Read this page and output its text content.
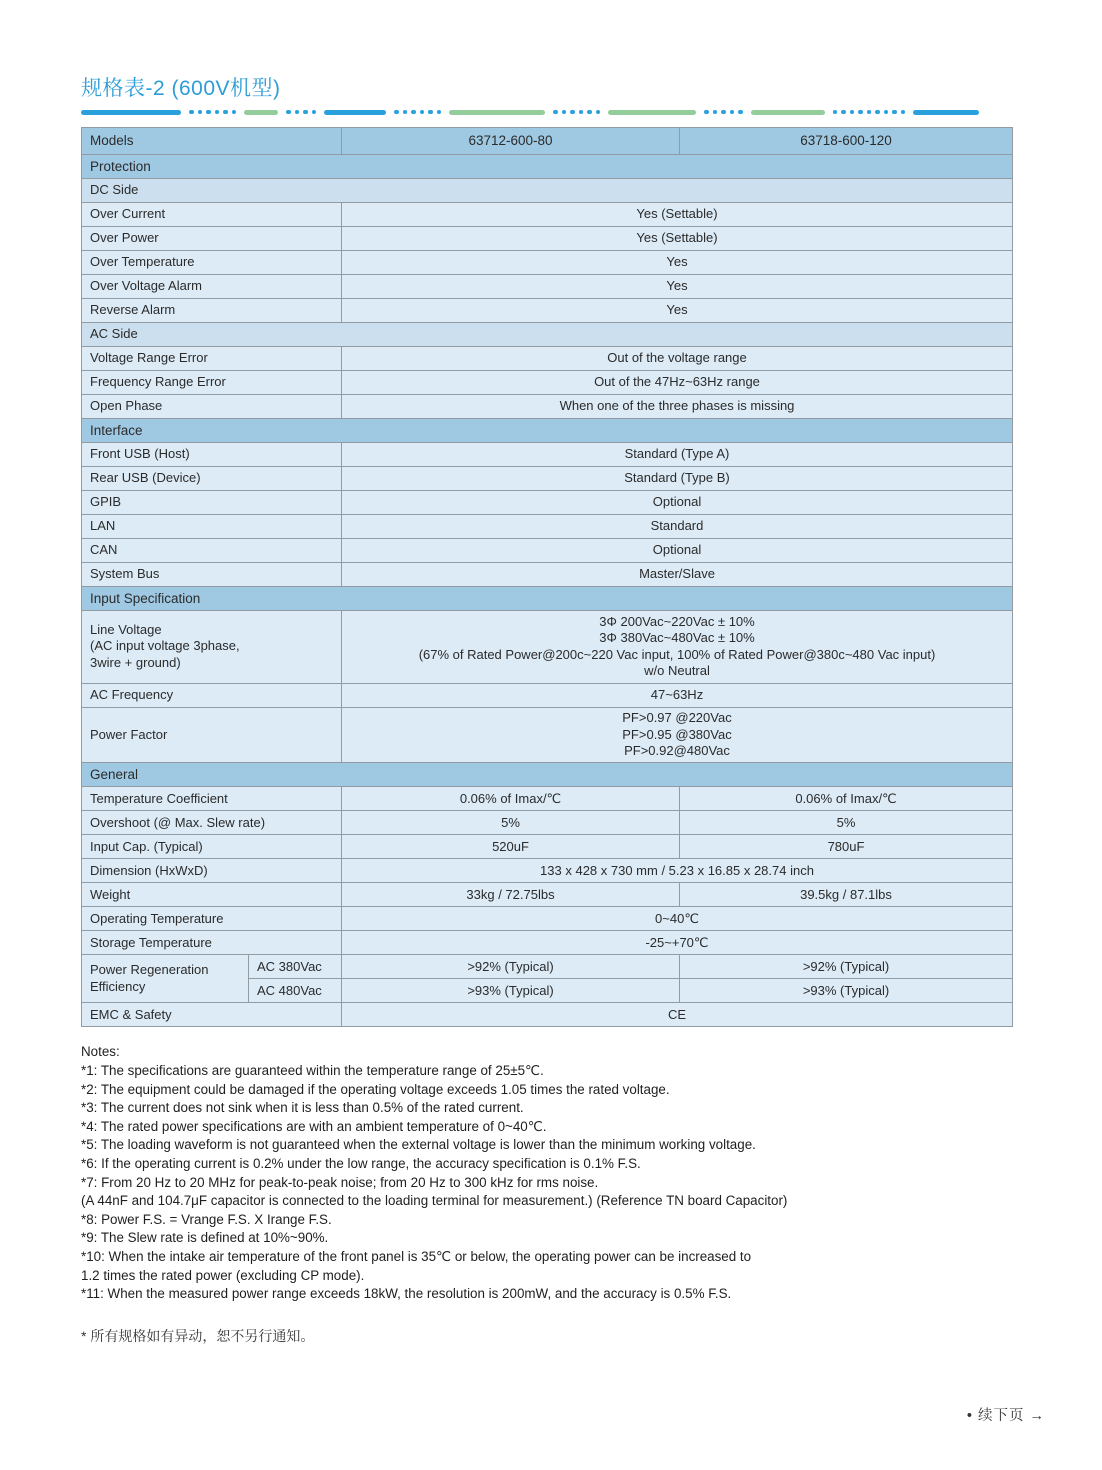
规格表-2 (600V机型)
Models		63712-600-80	63718-600-120
Protection			
DC Side			
Over Current		Yes (Settable)	
Over Power		Yes (Settable)	
Over Temperature		Yes	
Over Voltage Alarm		Yes	
Reverse Alarm		Yes	
AC Side			
Voltage Range Error		Out of the voltage range	
Frequency Range Error		Out of the 47Hz~63Hz range	
Open Phase		When one of the three phases is missing	
Interface			
Front USB (Host)		Standard (Type A)	
Rear USB (Device)		Standard (Type B)	
GPIB		Optional	
LAN		Standard	
CAN		Optional	
System Bus		Master/Slave	
Input Specification			
Line Voltage
(AC input voltage 3phase,
3wire + ground)		3Φ 200Vac~220Vac ± 10%
3Φ 380Vac~480Vac ± 10%
(67% of Rated Power@200c~220 Vac input, 100% of Rated Power@380c~480 Vac input)
w/o Neutral	
AC Frequency		47~63Hz	
Power Factor		PF>0.97 @220Vac
PF>0.95 @380Vac
PF>0.92@480Vac	
General			
Temperature Coefficient		0.06% of Imax/℃	0.06% of Imax/℃
Overshoot (@ Max. Slew rate)		5%	5%
Input Cap. (Typical)		520uF	780uF
Dimension (HxWxD)		133 x 428 x 730 mm / 5.23 x 16.85 x 28.74 inch	
Weight		33kg / 72.75lbs	39.5kg / 87.1lbs
Operating Temperature		0~40℃	
Storage Temperature		-25~+70℃	
Power Regeneration
Efficiency	AC 380Vac	>92% (Typical)	>92% (Typical)
	AC 480Vac	>93% (Typical)	>93% (Typical)
EMC & Safety		CE	
Notes:
*1: The specifications are guaranteed within the temperature range of 25±5℃.
*2: The equipment could be damaged if the operating voltage exceeds 1.05 times the rated voltage.
*3: The current does not sink when it is less than 0.5% of the rated current.
*4: The rated power specifications are with an ambient temperature of 0~40℃.
*5: The loading waveform is not guaranteed when the external voltage is lower than the minimum working voltage.
*6: If the operating current is 0.2% under the low range, the accuracy specification is 0.1% F.S.
*7: From 20 Hz to 20 MHz for peak-to-peak noise; from 20 Hz to 300 kHz for rms noise.
(A 44nF and 104.7μF capacitor is connected to the loading terminal for measurement.) (Reference TN board Capacitor)
*8: Power F.S. = Vrange F.S. X Irange F.S.
*9: The Slew rate is defined at 10%~90%.
*10: When the intake air temperature of the front panel is 35℃ or below, the operating power can be increased to
1.2 times the rated power (excluding CP mode).
*11: When the measured power range exceeds 18kW, the resolution is 200mW, and the accuracy is 0.5% F.S.
* 所有规格如有异动，恕不另行通知。
• 续下页 →
